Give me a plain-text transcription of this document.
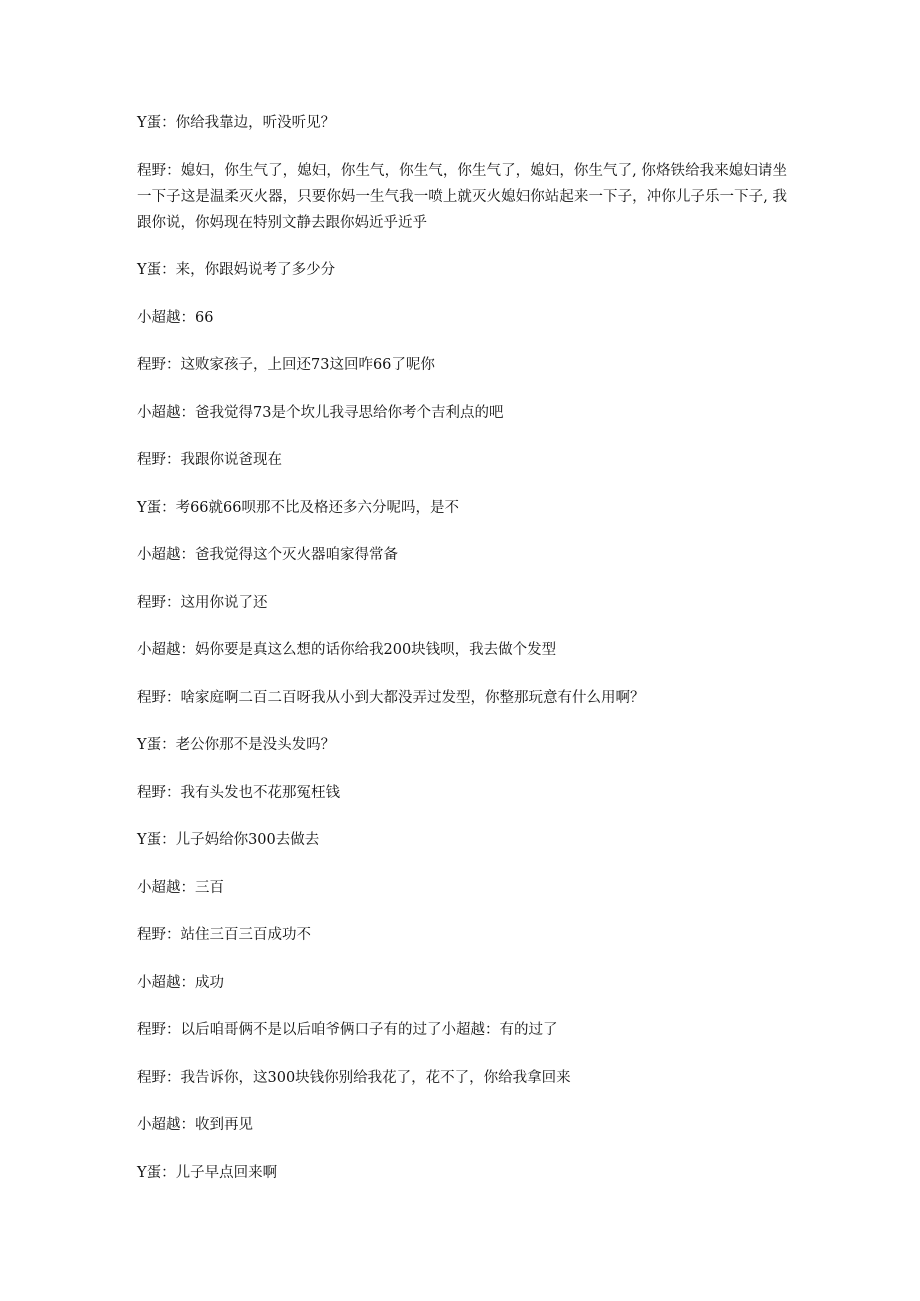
Y蛋：你给我靠边，听没听见？

程野：媳妇，你生气了，媳妇，你生气，你生气，你生气了，媳妇，你生气了, 你烙铁给我来媳妇请坐一下子这是温柔灭火器，只要你妈一生气我一喷上就灭火媳妇你站起来一下子，冲你儿子乐一下子, 我跟你说，你妈现在特别文静去跟你妈近乎近乎

Y蛋：来，你跟妈说考了多少分

小超越：66

程野：这败家孩子，上回还73这回咋66了呢你

小超越：爸我觉得73是个坎儿我寻思给你考个吉利点的吧

程野：我跟你说爸现在

Y蛋：考66就66呗那不比及格还多六分呢吗，是不

小超越：爸我觉得这个灭火器咱家得常备

程野：这用你说了还

小超越：妈你要是真这么想的话你给我200块钱呗，我去做个发型

程野：啥家庭啊二百二百呀我从小到大都没弄过发型，你整那玩意有什么用啊？

Y蛋：老公你那不是没头发吗？

程野：我有头发也不花那冤枉钱

Y蛋：儿子妈给你300去做去

小超越：三百

程野：站住三百三百成功不

小超越：成功

程野：以后咱哥俩不是以后咱爷俩口子有的过了小超越：有的过了

程野：我告诉你，这300块钱你别给我花了，花不了，你给我拿回来

小超越：收到再见

Y蛋：儿子早点回来啊
